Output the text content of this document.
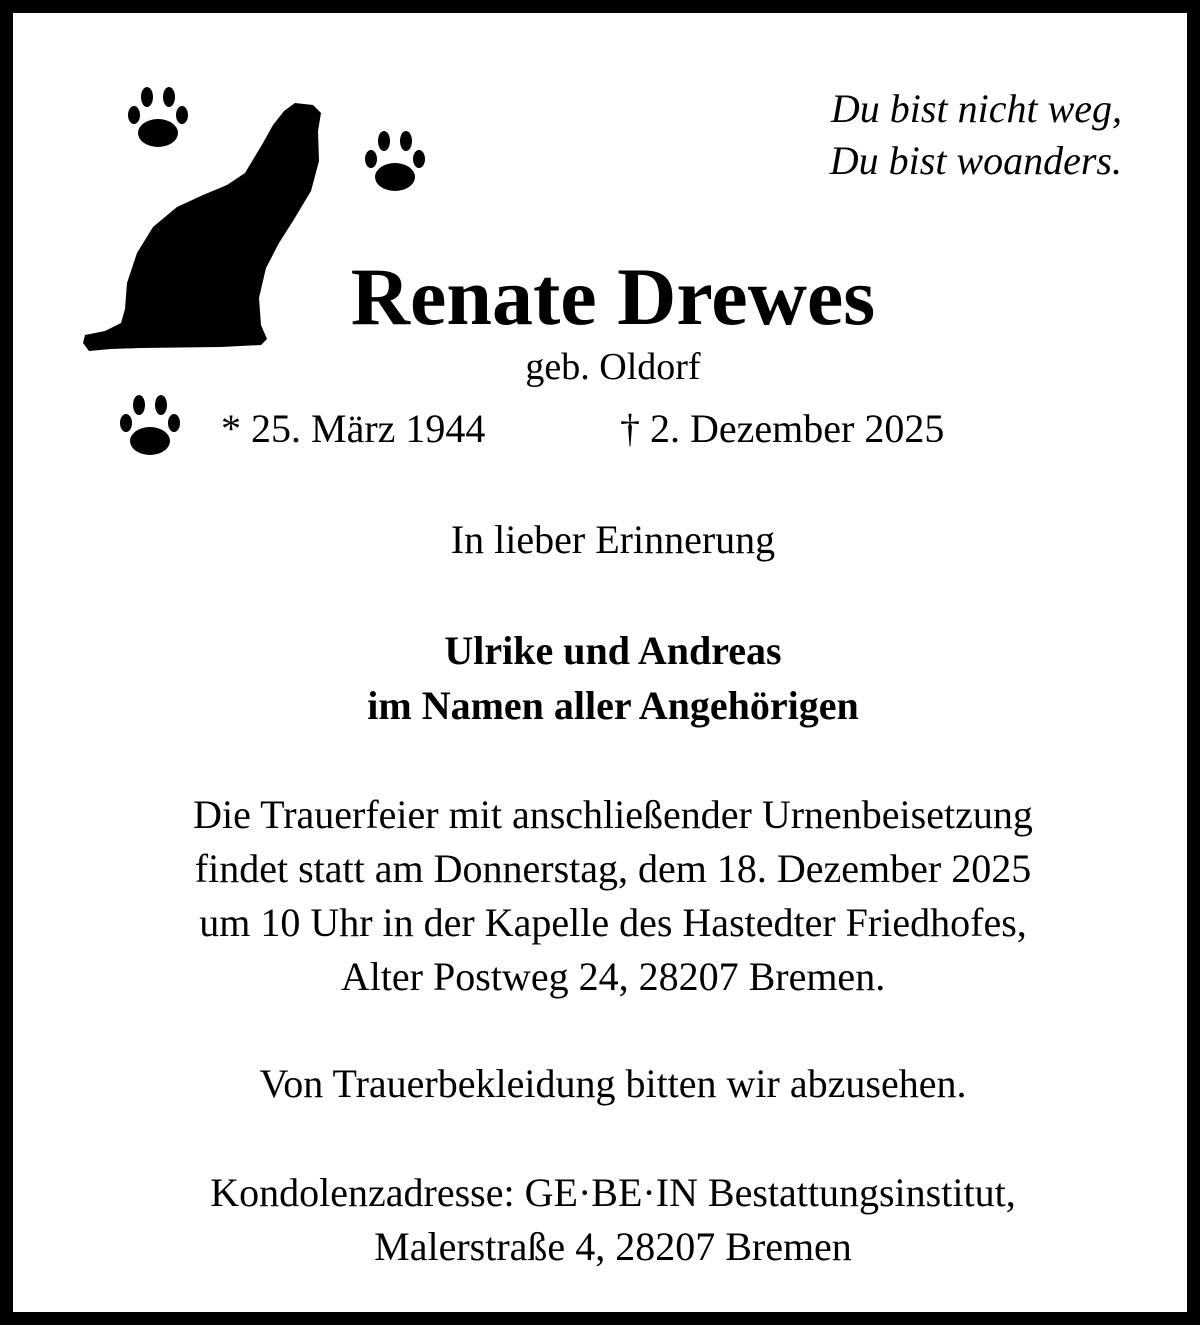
Du bist nicht weg,
Du bist woanders.
Renate Drewes
geb. Oldorf
* 25. März 1944	† 2. Dezember 2025
In lieber Erinnerung
Ulrike und Andreas
im Namen aller Angehörigen
Die Trauerfeier mit anschließender Urnenbeisetzung
findet statt am Donnerstag, dem 18. Dezember 2025
um 10 Uhr in der Kapelle des Hastedter Friedhofes,
Alter Postweg 24, 28207 Bremen.
Von Trauerbekleidung bitten wir abzusehen.
Kondolenzadresse: GE·BE·IN Bestattungsinstitut,
Malerstraße 4, 28207 Bremen
